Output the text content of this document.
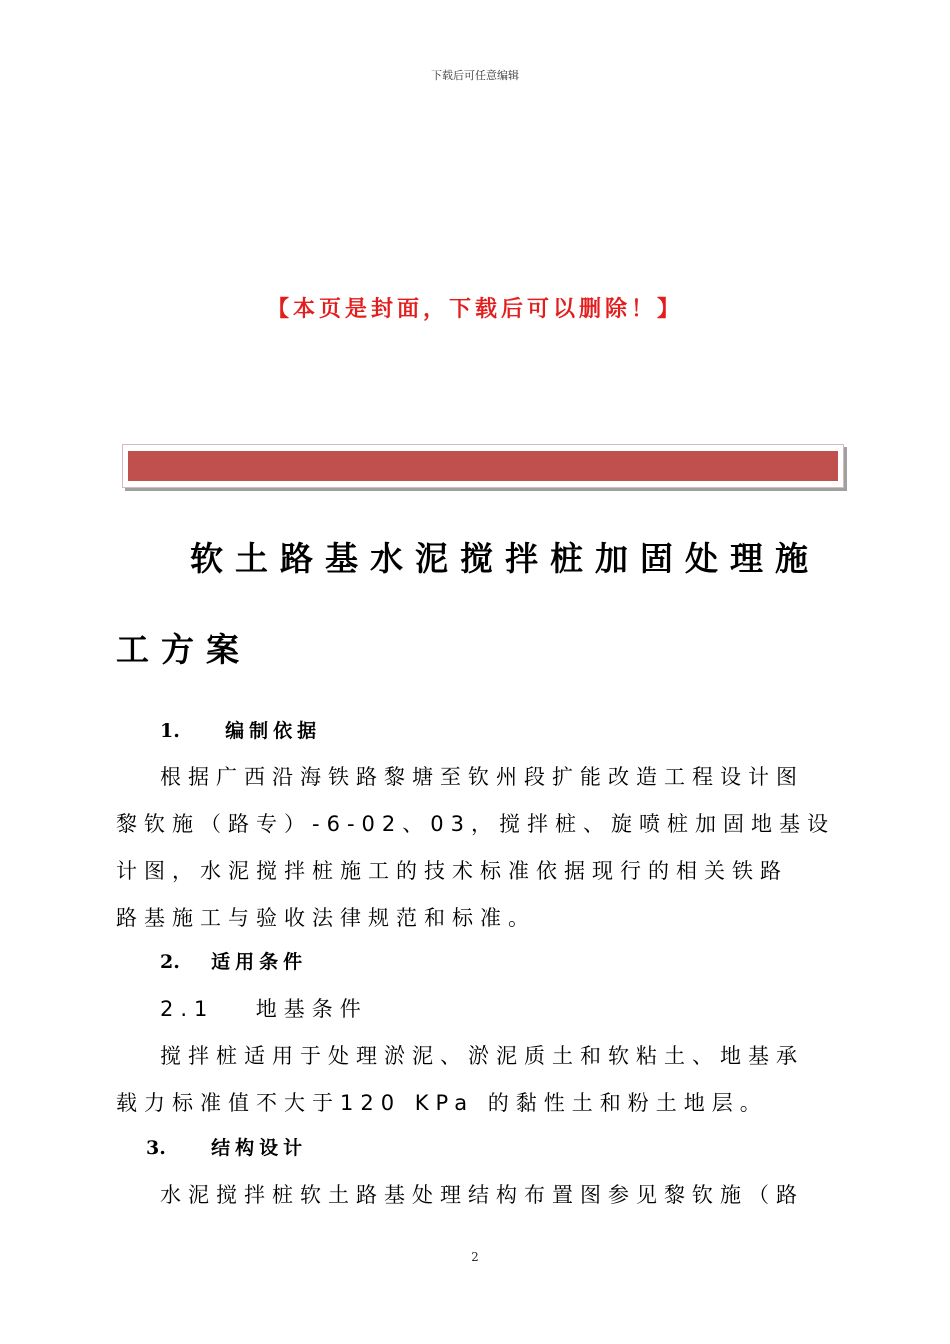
下载后可任意编辑
【本页是封面，下载后可以删除！】
软土路基水泥搅拌桩加固处理施
工方案
1. 编制依据
根据广西沿海铁路黎塘至钦州段扩能改造工程设计图
黎钦施（路专）-6-02、03，搅拌桩、旋喷桩加固地基设
计图，水泥搅拌桩施工的技术标准依据现行的相关铁路
路基施工与验收法律规范和标准。
2. 适用条件
2.1 地基条件
搅拌桩适用于处理淤泥、淤泥质土和软粘土、地基承
载力标准值不大于120 KPa 的黏性土和粉土地层。
3. 结构设计
水泥搅拌桩软土路基处理结构布置图参见黎钦施（路
2
